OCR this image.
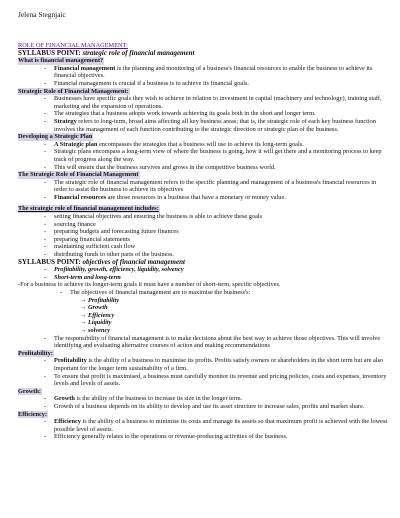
Jelena Stegnjaic
ROLE OF FINANCIAL MANAGEMENT:
SYLLABUS POINT: strategic role of financial management
What is financial management?
- Financial management is the planning and monitoring of a business's financial resources to enable the business to achieve its financial objectives.
- Financial management is crucial if a business is to achieve its financial goals.
Strategic Role of Financial Management:
- Businesses have specific goals they wish to achieve in relation to investment in capital (machinery and technology), training staff, marketing and the expansion of operations.
- The strategies that a business adopts work towards achieving its goals both in the short and longer term.
- Strategy refers to long-term, broad aims affecting all key business areas; that is, the strategic role of each key business function involves the management of each function contributing to the strategic direction or strategic plan of the business.
Developing a Strategic Plan
- A Strategic plan encompasses the strategies that a business will use to achieve its long-term goals.
- Strategic plans encompass a long-term view of where the business is going, how it will get there and a monitoring process to keep track of progress along the way.
- This will ensure that the business survives and grows in the competitive business world.
The Strategic Role of Financial Management
- The strategic role of financial management refers to the specific planning and management of a business's financial resources in order to assist the business to achieve its objectives
- Financial resources are those resources in a business that have a monetary or money value.
The strategic role of financial management includes:
- setting financial objectives and ensuring the business is able to achieve these goals
- sourcing finance
- preparing budgets and forecasting future finances
- preparing financial statements
- maintaining sufficient cash flow
- distributing funds to other parts of the business.
SYLLABUS POINT: objectives of financial management
- Profitability, growth, efficiency, liquidity, solvency
- Short-term and long-term
-For a business to achieve its longer-term goals it must have a number of short-term, specific objectives.
- The objectives of financial management are to maximise the business's:
→ Profitability
→ Growth
→ Efficiency
→ Liquidity
→ solvency
- The responsibility of financial management is to make decisions about the best way to achieve those objectives. This will involve identifying and evaluating alternative courses of action and making recommendations
Profitability:
- Profitability is the ability of a business to maximise its profits. Profits satisfy owners or shareholders in the short term but are also important for the longer term sustainability of a firm.
- To ensure that profit is maximised, a business must carefully monitor its revenue and pricing policies, costs and expenses, inventory levels and levels of assets.
Growth:
- Growth is the ability of the business to increase its size in the longer term.
- Growth of a business depends on its ability to develop and use its asset structure to increase sales, profits and market share.
Efficiency:
- Efficiency is the ability of a business to minimise its costs and manage its assets so that maximum profit is achieved with the lowest possible level of assets.
- Efficiency generally relates to the operations or revenue-producing activities of the business.
